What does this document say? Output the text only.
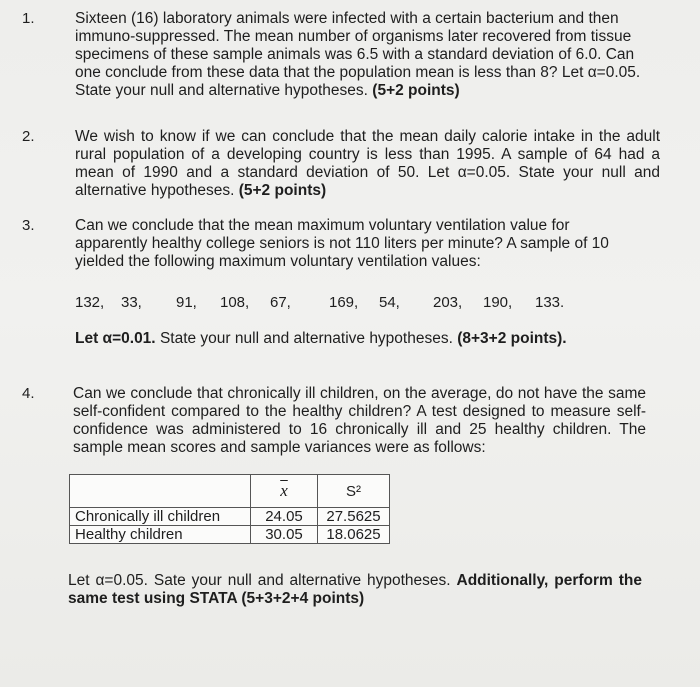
1.	Sixteen (16) laboratory animals were infected with a certain bacterium and then immuno-suppressed. The mean number of organisms later recovered from tissue specimens of these sample animals was 6.5 with a standard deviation of 6.0. Can one conclude from these data that the population mean is less than 8? Let α=0.05. State your null and alternative hypotheses. (5+2 points)
2.	We wish to know if we can conclude that the mean daily calorie intake in the adult rural population of a developing country is less than 1995. A sample of 64 had a mean of 1990 and a standard deviation of 50. Let α=0.05. State your null and alternative hypotheses. (5+2 points)
3.	Can we conclude that the mean maximum voluntary ventilation value for apparently healthy college seniors is not 110 liters per minute? A sample of 10 yielded the following maximum voluntary ventilation values:
132, 33, 91, 108, 67,	169, 54, 203, 190, 133.
Let α=0.01. State your null and alternative hypotheses. (8+3+2 points).
4. Can we conclude that chronically ill children, on the average, do not have the same self-confident compared to the healthy children? A test designed to measure self-confidence was administered to 16 chronically ill and 25 healthy children. The sample mean scores and sample variances were as follows:
	$\overline{x}$	S²
Chronically ill children	24.05	27.5625
Healthy children	30.05	18.0625
Let α=0.05. Sate your null and alternative hypotheses. Additionally, perform the same test using STATA (5+3+2+4 points)
